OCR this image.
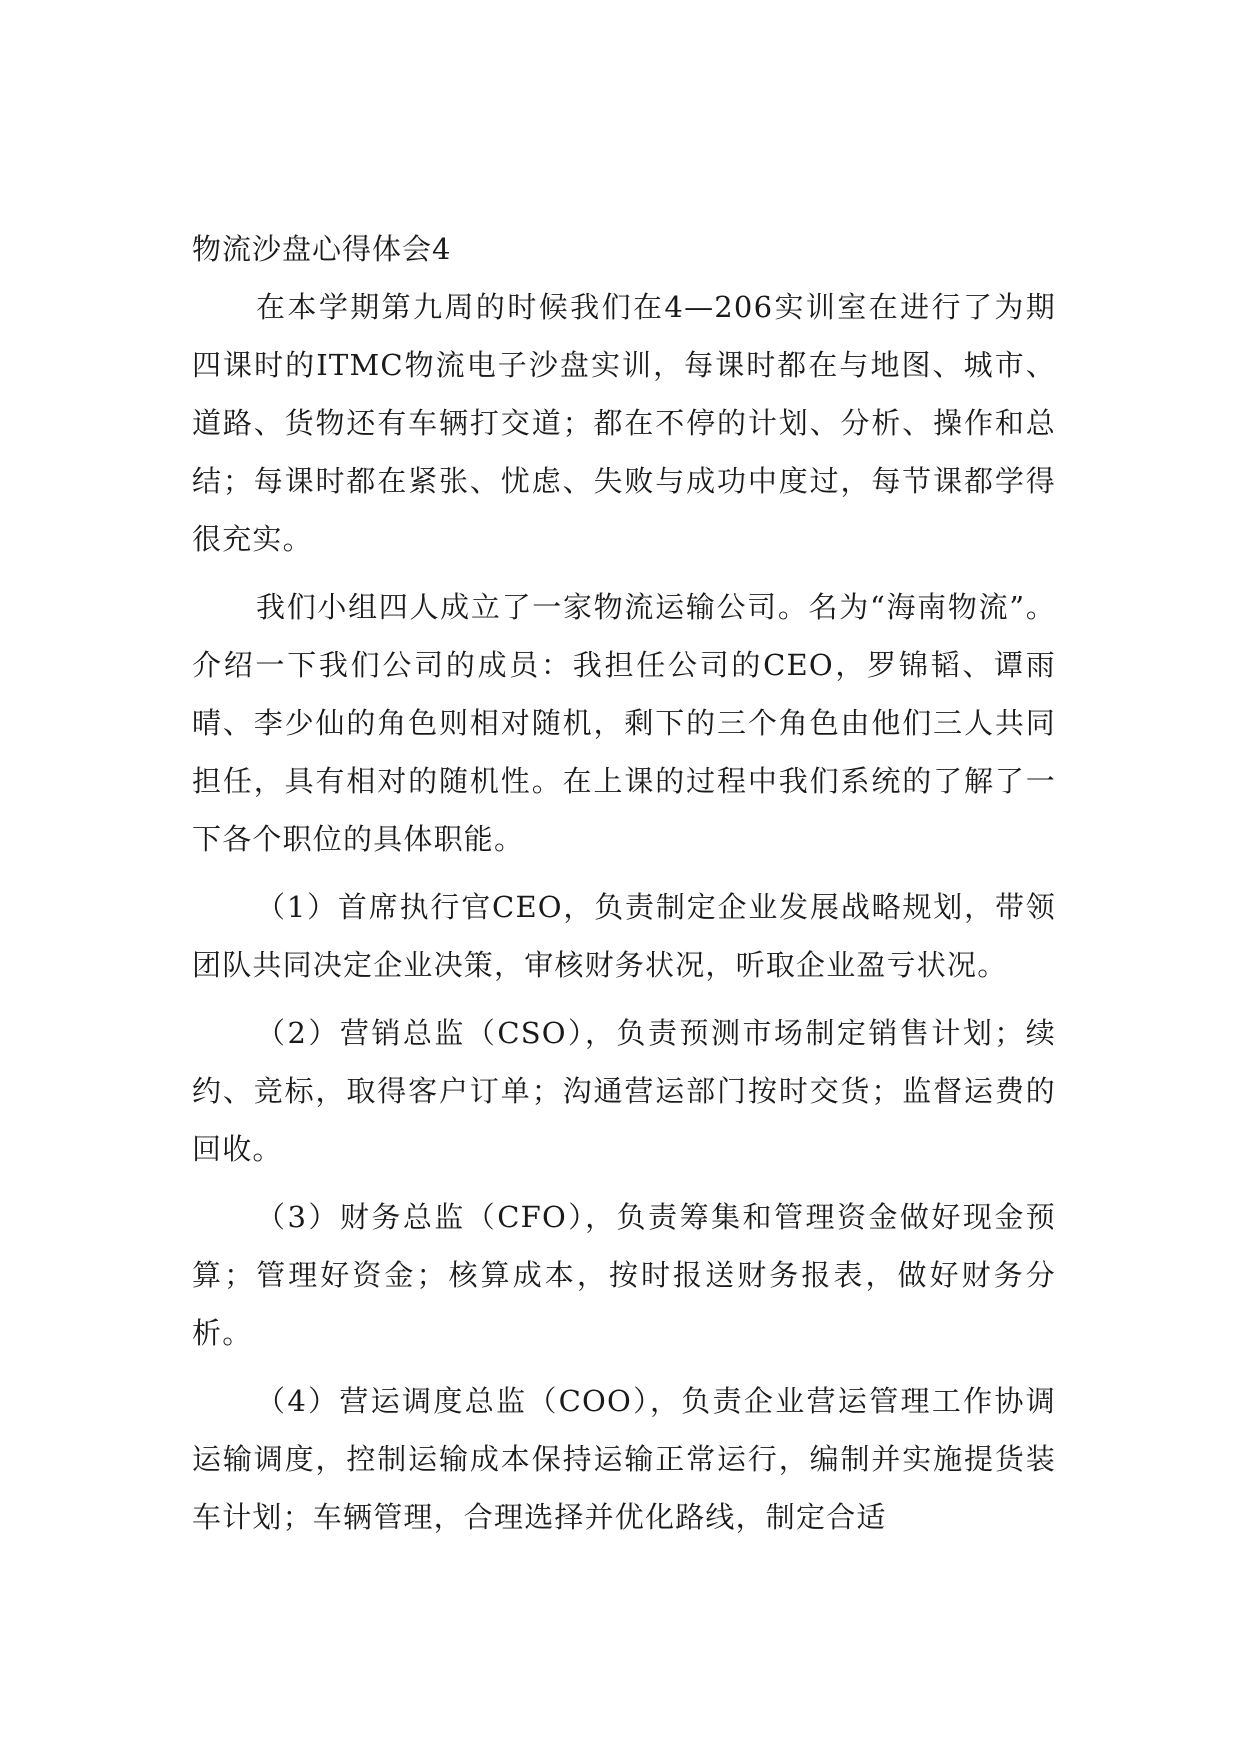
物流沙盘心得体会4

在本学期第九周的时候我们在4—206实训室在进行了为期四课时的ITMC物流电子沙盘实训，每课时都在与地图、城市、道路、货物还有车辆打交道；都在不停的计划、分析、操作和总结；每课时都在紧张、忧虑、失败与成功中度过，每节课都学得很充实。

我们小组四人成立了一家物流运输公司。名为“海南物流”。介绍一下我们公司的成员：我担任公司的CEO，罗锦韬、谭雨晴、李少仙的角色则相对随机，剩下的三个角色由他们三人共同担任，具有相对的随机性。在上课的过程中我们系统的了解了一下各个职位的具体职能。

（1）首席执行官CEO，负责制定企业发展战略规划，带领团队共同决定企业决策，审核财务状况，听取企业盈亏状况。

（2）营销总监（CSO），负责预测市场制定销售计划；续约、竞标，取得客户订单；沟通营运部门按时交货；监督运费的回收。

（3）财务总监（CFO），负责筹集和管理资金做好现金预算；管理好资金；核算成本，按时报送财务报表，做好财务分析。

（4）营运调度总监（COO），负责企业营运管理工作协调运输调度，控制运输成本保持运输正常运行，编制并实施提货装车计划；车辆管理，合理选择并优化路线，制定合适
